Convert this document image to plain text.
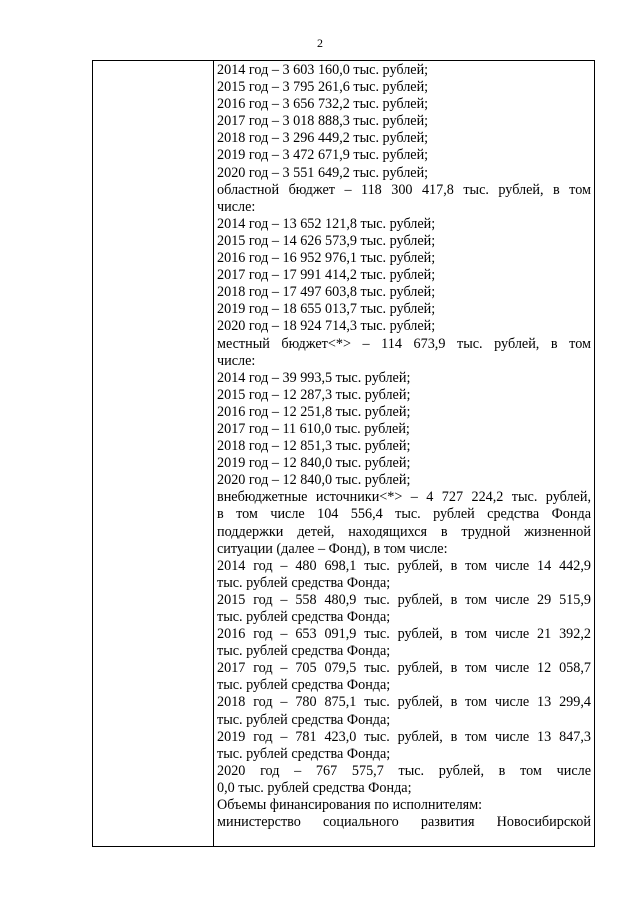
2
2014 год – 3 603 160,0 тыс. рублей;
2015 год – 3 795 261,6 тыс. рублей;
2016 год – 3 656 732,2 тыс. рублей;
2017 год – 3 018 888,3 тыс. рублей;
2018 год – 3 296 449,2 тыс. рублей;
2019 год – 3 472 671,9 тыс. рублей;
2020 год – 3 551 649,2 тыс. рублей;
областной бюджет – 118 300 417,8 тыс. рублей, в том
числе:
2014 год – 13 652 121,8 тыс. рублей;
2015 год – 14 626 573,9 тыс. рублей;
2016 год – 16 952 976,1 тыс. рублей;
2017 год – 17 991 414,2 тыс. рублей;
2018 год – 17 497 603,8 тыс. рублей;
2019 год – 18 655 013,7 тыс. рублей;
2020 год – 18 924 714,3 тыс. рублей;
местный бюджет<*> – 114 673,9 тыс. рублей, в том
числе:
2014 год – 39 993,5 тыс. рублей;
2015 год – 12 287,3 тыс. рублей;
2016 год – 12 251,8 тыс. рублей;
2017 год – 11 610,0 тыс. рублей;
2018 год – 12 851,3 тыс. рублей;
2019 год – 12 840,0 тыс. рублей;
2020 год – 12 840,0 тыс. рублей;
внебюджетные источники<*> – 4 727 224,2 тыс. рублей,
в том числе 104 556,4 тыс. рублей средства Фонда
поддержки детей, находящихся в трудной жизненной
ситуации (далее – Фонд), в том числе:
2014 год – 480 698,1 тыс. рублей, в том числе 14 442,9
тыс. рублей средства Фонда;
2015 год – 558 480,9 тыс. рублей, в том числе 29 515,9
тыс. рублей средства Фонда;
2016 год – 653 091,9 тыс. рублей, в том числе 21 392,2
тыс. рублей средства Фонда;
2017 год – 705 079,5 тыс. рублей, в том числе 12 058,7
тыс. рублей средства Фонда;
2018 год – 780 875,1 тыс. рублей, в том числе 13 299,4
тыс. рублей средства Фонда;
2019 год – 781 423,0 тыс. рублей, в том числе 13 847,3
тыс. рублей средства Фонда;
2020 год – 767 575,7 тыс. рублей, в том числе
0,0 тыс. рублей средства Фонда;
Объемы финансирования по исполнителям:
министерство социального развития Новосибирской
